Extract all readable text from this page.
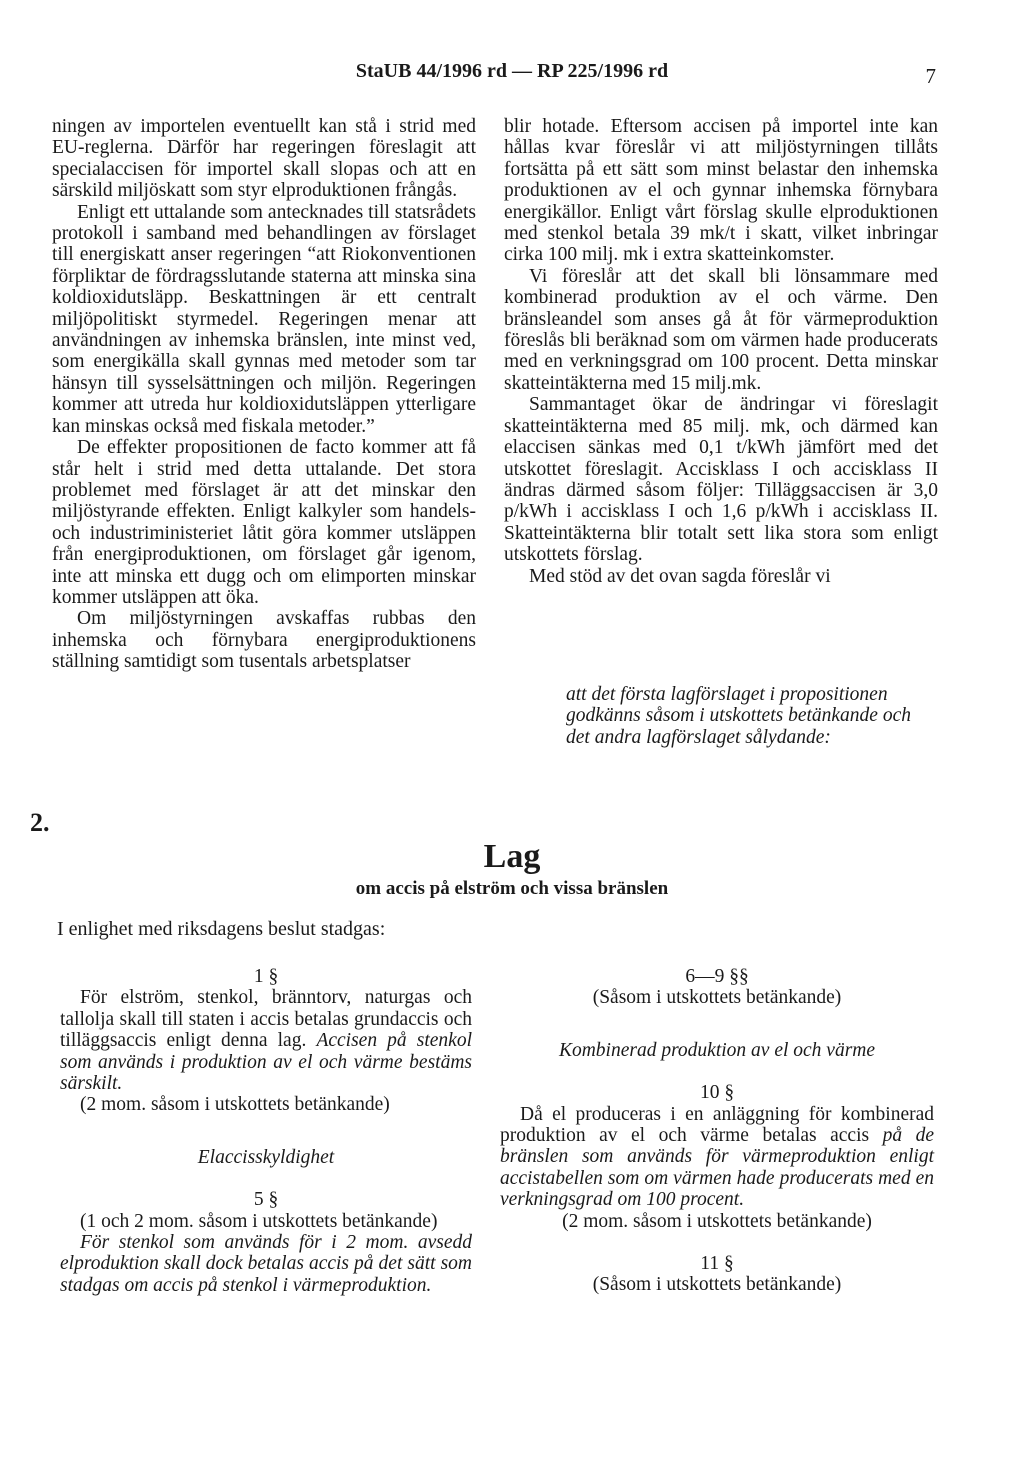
StaUB 44/1996 rd — RP 225/1996 rd	7

ningen av importelen eventuellt kan stå i strid med EU-reglerna. Därför har regeringen föreslagit att specialaccisen för importel skall slopas och att en särskild miljöskatt som styr elproduktionen frångås.

Enligt ett uttalande som antecknades till statsrådets protokoll i samband med behandlingen av förslaget till energiskatt anser regeringen “att Riokonventionen förpliktar de fördragsslutande staterna att minska sina koldioxidutsläpp. Beskattningen är ett centralt miljöpolitiskt styrmedel. Regeringen menar att användningen av inhemska bränslen, inte minst ved, som energikälla skall gynnas med metoder som tar hänsyn till sysselsättningen och miljön. Regeringen kommer att utreda hur koldioxidutsläppen ytterligare kan minskas också med fiskala metoder.”

De effekter propositionen de facto kommer att få står helt i strid med detta uttalande. Det stora problemet med förslaget är att det minskar den miljöstyrande effekten. Enligt kalkyler som handels- och industriministeriet låtit göra kommer utsläppen från energiproduktionen, om förslaget går igenom, inte att minska ett dugg och om elimporten minskar kommer utsläppen att öka.

Om miljöstyrningen avskaffas rubbas den inhemska och förnybara energiproduktionens ställning samtidigt som tusentals arbetsplatser

blir hotade. Eftersom accisen på importel inte kan hållas kvar föreslår vi att miljöstyrningen tillåts fortsätta på ett sätt som minst belastar den inhemska produktionen av el och gynnar inhemska förnybara energikällor. Enligt vårt förslag skulle elproduktionen med stenkol betala 39 mk/t i skatt, vilket inbringar cirka 100 milj. mk i extra skatteinkomster.

Vi föreslår att det skall bli lönsammare med kombinerad produktion av el och värme. Den bränsleandel som anses gå åt för värmeproduktion föreslås bli beräknad som om värmen hade producerats med en verkningsgrad om 100 procent. Detta minskar skatteintäkterna med 15 milj.mk.

Sammantaget ökar de ändringar vi föreslagit skatteintäkterna med 85 milj. mk, och därmed kan elaccisen sänkas med 0,1 t/kWh jämfört med det utskottet föreslagit. Accisklass I och accisklass II ändras därmed såsom följer: Tilläggsaccisen är 3,0 p/kWh i accisklass I och 1,6 p/kWh i accisklass II. Skatteintäkterna blir totalt sett lika stora som enligt utskottets förslag.

Med stöd av det ovan sagda föreslår vi

att det första lagförslaget i propositionen godkänns såsom i utskottets betänkande och det andra lagförslaget sålydande:
2.
Lag
om accis på elström och vissa bränslen
I enlighet med riksdagens beslut stadgas:

1 §

För elström, stenkol, bränntorv, naturgas och tallolja skall till staten i accis betalas grundaccis och tilläggsaccis enligt denna lag. Accisen på stenkol som används i produktion av el och värme bestäms särskilt.

(2 mom. såsom i utskottets betänkande)

Elaccisskyldighet

5 §

(1 och 2 mom. såsom i utskottets betänkande)

För stenkol som används för i 2 mom. avsedd elproduktion skall dock betalas accis på det sätt som stadgas om accis på stenkol i värmeproduktion.

6—9 §§

(Såsom i utskottets betänkande)

Kombinerad produktion av el och värme

10 §

Då el produceras i en anläggning för kombinerad produktion av el och värme betalas accis på de bränslen som används för värmeproduktion enligt accistabellen som om värmen hade producerats med en verkningsgrad om 100 procent.

(2 mom. såsom i utskottets betänkande)

11 §

(Såsom i utskottets betänkande)
